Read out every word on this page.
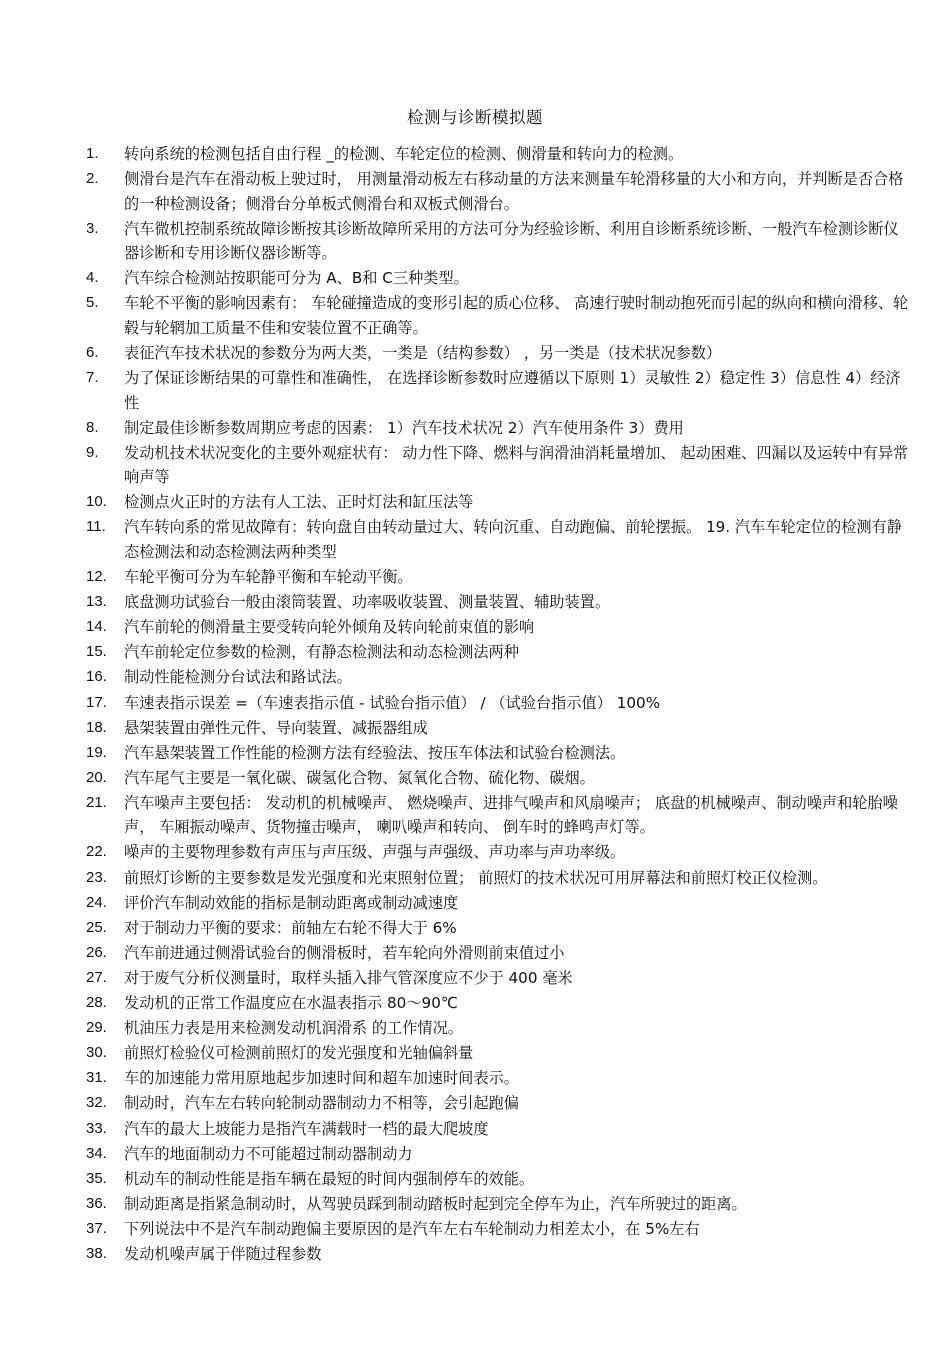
检测与诊断模拟题
1.	转向系统的检测包括自由行程 _的检测、车轮定位的检测、侧滑量和转向力的检测。
2.	侧滑台是汽车在滑动板上驶过时， 用测量滑动板左右移动量的方法来测量车轮滑移量的大小和方向，并判断是否合格的一种检测设备；侧滑台分单板式侧滑台和双板式侧滑台。
3.	汽车微机控制系统故障诊断按其诊断故障所采用的方法可分为经验诊断、利用自诊断系统诊断、一般汽车检测诊断仪器诊断和专用诊断仪器诊断等。
4.	汽车综合检测站按职能可分为 A、B和 C三种类型。
5.	车轮不平衡的影响因素有： 车轮碰撞造成的变形引起的质心位移、 高速行驶时制动抱死而引起的纵向和横向滑移、轮毂与轮辋加工质量不佳和安装位置不正确等。
6.	表征汽车技术状况的参数分为两大类，一类是（结构参数） ，另一类是（技术状况参数）
7.	为了保证诊断结果的可靠性和准确性， 在选择诊断参数时应遵循以下原则 1）灵敏性 2）稳定性 3）信息性 4）经济性
8.	制定最佳诊断参数周期应考虑的因素： 1）汽车技术状况 2）汽车使用条件 3）费用
9.	发动机技术状况变化的主要外观症状有： 动力性下降、燃料与润滑油消耗量增加、 起动困难、四漏以及运转中有异常响声等
10.	检测点火正时的方法有人工法、正时灯法和缸压法等
11.	汽车转向系的常见故障有：转向盘自由转动量过大、转向沉重、自动跑偏、前轮摆振。 19. 汽车车轮定位的检测有静态检测法和动态检测法两种类型
12.	车轮平衡可分为车轮静平衡和车轮动平衡。
13.	底盘测功试验台一般由滚筒装置、功率吸收装置、测量装置、辅助装置。
14.	汽车前轮的侧滑量主要受转向轮外倾角及转向轮前束值的影响
15.	汽车前轮定位参数的检测，有静态检测法和动态检测法两种
16.	制动性能检测分台试法和路试法。
17.	车速表指示误差 =（车速表指示值 - 试验台指示值） / （试验台指示值） 100%
18.	悬架装置由弹性元件、导向装置、减振器组成
19.	汽车悬架装置工作性能的检测方法有经验法、按压车体法和试验台检测法。
20.	汽车尾气主要是一氧化碳、碳氢化合物、氮氧化合物、硫化物、碳烟。
21.	汽车噪声主要包括： 发动机的机械噪声、 燃烧噪声、进排气噪声和风扇噪声； 底盘的机械噪声、制动噪声和轮胎噪声， 车厢振动噪声、货物撞击噪声， 喇叭噪声和转向、 倒车时的蜂鸣声灯等。
22.	噪声的主要物理参数有声压与声压级、声强与声强级、声功率与声功率级。
23.	前照灯诊断的主要参数是发光强度和光束照射位置； 前照灯的技术状况可用屏幕法和前照灯校正仪检测。
24.	评价汽车制动效能的指标是制动距离或制动减速度
25.	对于制动力平衡的要求：前轴左右轮不得大于 6%
26.	汽车前进通过侧滑试验台的侧滑板时，若车轮向外滑则前束值过小
27.	对于废气分析仪测量时，取样头插入排气管深度应不少于 400 毫米
28.	发动机的正常工作温度应在水温表指示 80～90℃
29.	机油压力表是用来检测发动机润滑系 的工作情况。
30.	前照灯检验仪可检测前照灯的发光强度和光轴偏斜量
31.	车的加速能力常用原地起步加速时间和超车加速时间表示。
32.	制动时，汽车左右转向轮制动器制动力不相等，会引起跑偏
33.	汽车的最大上坡能力是指汽车满载时一档的最大爬坡度
34.	汽车的地面制动力不可能超过制动器制动力
35.	机动车的制动性能是指车辆在最短的时间内强制停车的效能。
36.	制动距离是指紧急制动时，从驾驶员踩到制动踏板时起到完全停车为止，汽车所驶过的距离。
37.	下列说法中不是汽车制动跑偏主要原因的是汽车左右车轮制动力相差太小，在 5%左右
38.	发动机噪声属于伴随过程参数
